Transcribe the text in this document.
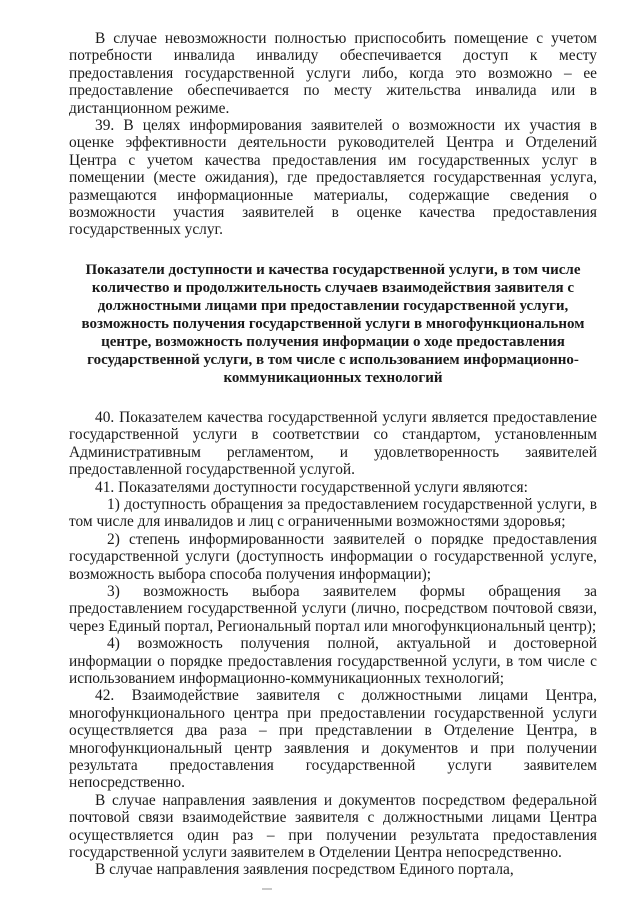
В случае невозможности полностью приспособить помещение с учетом потребности инвалида инвалиду обеспечивается доступ к месту предоставления государственной услуги либо, когда это возможно – ее предоставление обеспечивается по месту жительства инвалида или в дистанционном режиме.

39. В целях информирования заявителей о возможности их участия в оценке эффективности деятельности руководителей Центра и Отделений Центра с учетом качества предоставления им государственных услуг в помещении (месте ожидания), где предоставляется государственная услуга, размещаются информационные материалы, содержащие сведения о возможности участия заявителей в оценке качества предоставления государственных услуг.

Показатели доступности и качества государственной услуги, в том числе количество и продолжительность случаев взаимодействия заявителя с должностными лицами при предоставлении государственной услуги, возможность получения государственной услуги в многофункциональном центре, возможность получения информации о ходе предоставления государственной услуги, в том числе с использованием информационно-коммуникационных технологий

40. Показателем качества государственной услуги является предоставление государственной услуги в соответствии со стандартом, установленным Административным регламентом, и удовлетворенность заявителей предоставленной государственной услугой.

41. Показателями доступности государственной услуги являются:

1) доступность обращения за предоставлением государственной услуги, в том числе для инвалидов и лиц с ограниченными возможностями здоровья;

2) степень информированности заявителей о порядке предоставления государственной услуги (доступность информации о государственной услуге, возможность выбора способа получения информации);

3) возможность выбора заявителем формы обращения за предоставлением государственной услуги (лично, посредством почтовой связи, через Единый портал, Региональный портал или многофункциональный центр);

4) возможность получения полной, актуальной и достоверной информации о порядке предоставления государственной услуги, в том числе с использованием информационно-коммуникационных технологий;

42. Взаимодействие заявителя с должностными лицами Центра, многофункционального центра при предоставлении государственной услуги осуществляется два раза – при представлении в Отделение Центра, в многофункциональный центр заявления и документов и при получении результата предоставления государственной услуги заявителем непосредственно.

В случае направления заявления и документов посредством федеральной почтовой связи взаимодействие заявителя с должностными лицами Центра осуществляется один раз – при получении результата предоставления государственной услуги заявителем в Отделении Центра непосредственно.

В случае направления заявления посредством Единого портала,
